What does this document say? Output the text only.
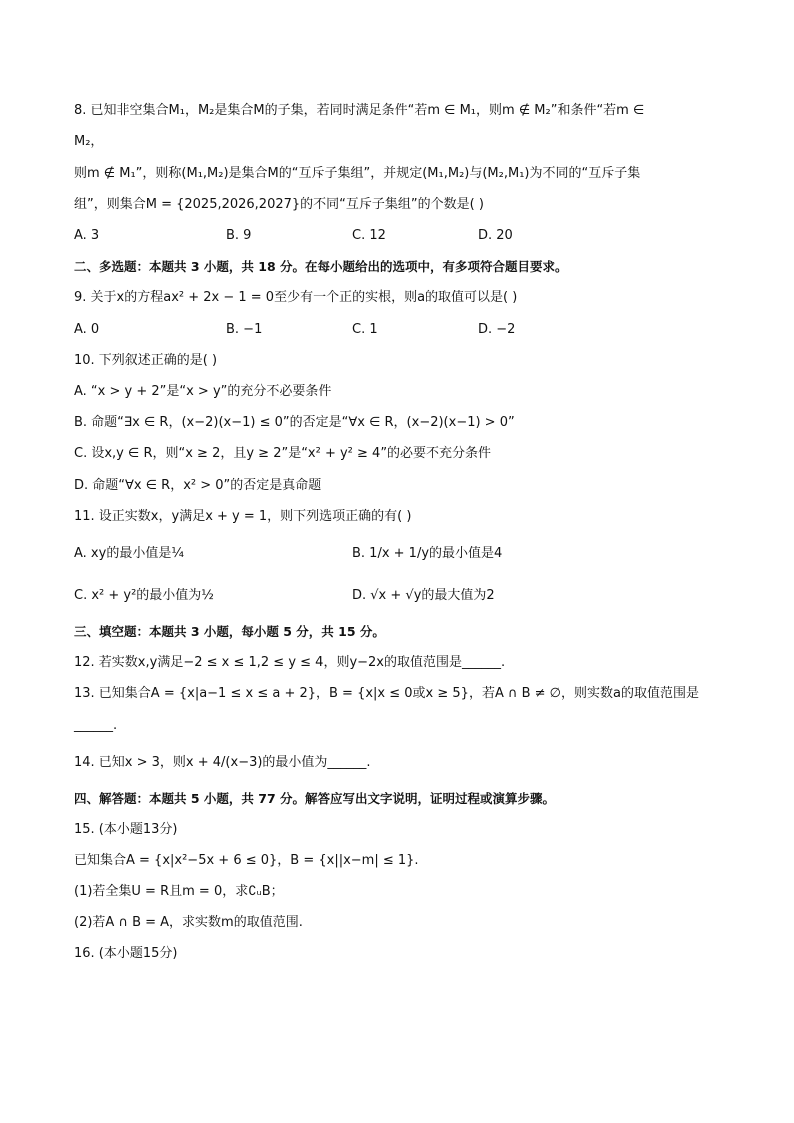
8. 已知非空集合M₁，M₂是集合M的子集，若同时满足条件“若m ∈ M₁，则m ∉ M₂”和条件“若m ∈
M₂，
则m ∉ M₁”，则称(M₁,M₂)是集合M的“互斥子集组”，并规定(M₁,M₂)与(M₂,M₁)为不同的“互斥子集
组”，则集合M = {2025,2026,2027}的不同“互斥子集组”的个数是( )
A. 3	B. 9	C. 12	D. 20
二、多选题：本题共 3 小题，共 18 分。在每小题给出的选项中，有多项符合题目要求。
9. 关于x的方程ax² + 2x − 1 = 0至少有一个正的实根，则a的取值可以是( )
A. 0	B. −1	C. 1	D. −2
10. 下列叙述正确的是( )
A. “x > y + 2”是“x > y”的充分不必要条件
B. 命题“∃x ∈ R，(x−2)(x−1) ≤ 0”的否定是“∀x ∈ R，(x−2)(x−1) > 0”
C. 设x,y ∈ R，则“x ≥ 2，且y ≥ 2”是“x² + y² ≥ 4”的必要不充分条件
D. 命题“∀x ∈ R，x² > 0”的否定是真命题
11. 设正实数x，y满足x + y = 1，则下列选项正确的有( )
A. xy的最小值是¼	B. 1/x + 1/y的最小值是4
C. x² + y²的最小值为½	D. √x + √y的最大值为2
三、填空题：本题共 3 小题，每小题 5 分，共 15 分。
12. 若实数x,y满足−2 ≤ x ≤ 1,2 ≤ y ≤ 4，则y−2x的取值范围是______.
13. 已知集合A = {x|a−1 ≤ x ≤ a + 2}，B = {x|x ≤ 0或x ≥ 5}，若A ∩ B ≠ ∅，则实数a的取值范围是
______.
14. 已知x > 3，则x + 4/(x−3)的最小值为______.
四、解答题：本题共 5 小题，共 77 分。解答应写出文字说明，证明过程或演算步骤。
15. (本小题13分)
已知集合A = {x|x²−5x + 6 ≤ 0}，B = {x||x−m| ≤ 1}.
(1)若全集U = R且m = 0，求∁ᵤB；
(2)若A ∩ B = A，求实数m的取值范围.
16. (本小题15分)
